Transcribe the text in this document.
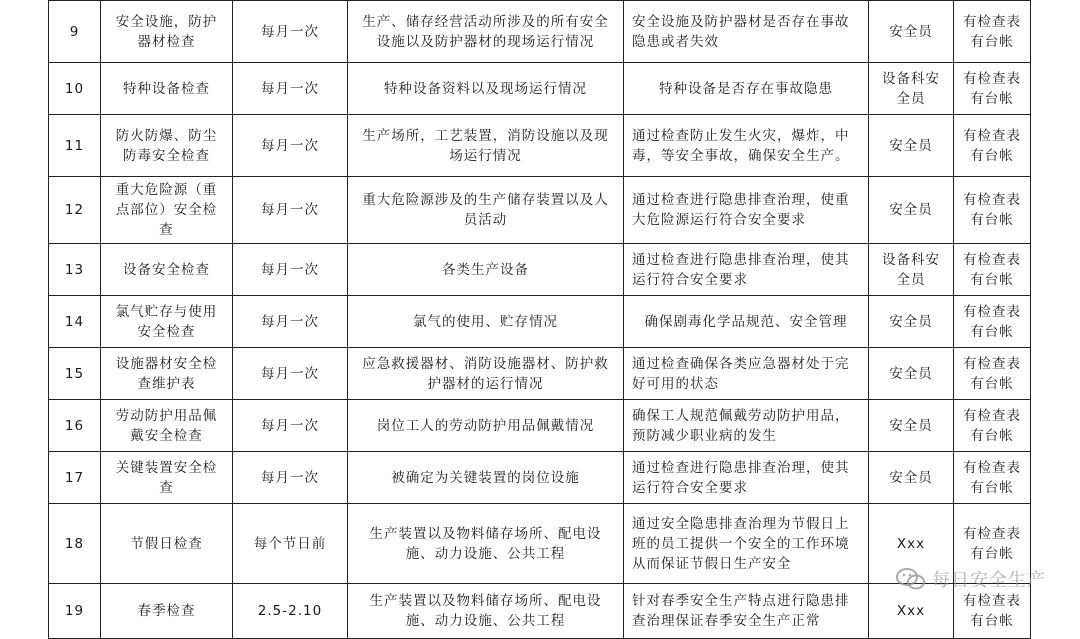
9	安全设施，防护器材检查	每月一次	生产、储存经营活动所涉及的所有安全设施以及防护器材的现场运行情况	安全设施及防护器材是否存在事故隐患或者失效	安全员	有检查表有台帐
10	特种设备检查	每月一次	特种设备资料以及现场运行情况	特种设备是否存在事故隐患	设备科安全员	有检查表有台帐
11	防火防爆、防尘防毒安全检查	每月一次	生产场所，工艺装置，消防设施以及现场运行情况	通过检查防止发生火灾，爆炸，中毒，等安全事故，确保安全生产。	安全员	有检查表有台帐
12	重大危险源（重点部位）安全检查	每月一次	重大危险源涉及的生产储存装置以及人员活动	通过检查进行隐患排查治理，使重大危险源运行符合安全要求	安全员	有检查表有台帐
13	设备安全检查	每月一次	各类生产设备	通过检查进行隐患排查治理，使其运行符合安全要求	设备科安全员	有检查表有台帐
14	氯气贮存与使用安全检查	每月一次	氯气的使用、贮存情况	确保剧毒化学品规范、安全管理	安全员	有检查表有台帐
15	设施器材安全检查维护表	每月一次	应急救援器材、消防设施器材、防护救护器材的运行情况	通过检查确保各类应急器材处于完好可用的状态	安全员	有检查表有台帐
16	劳动防护用品佩戴安全检查	每月一次	岗位工人的劳动防护用品佩戴情况	确保工人规范佩戴劳动防护用品，预防减少职业病的发生	安全员	有检查表有台帐
17	关键装置安全检查	每月一次	被确定为关键装置的岗位设施	通过检查进行隐患排查治理，使其运行符合安全要求	安全员	有检查表有台帐
18	节假日检查	每个节日前	生产装置以及物料储存场所、配电设施、动力设施、公共工程	通过安全隐患排查治理为节假日上班的员工提供一个安全的工作环境从而保证节假日生产安全	Xxx	有检查表有台帐
19	春季检查	2.5-2.10	生产装置以及物料储存场所、配电设施、动力设施、公共工程	针对春季安全生产特点进行隐患排查治理保证春季安全生产正常	Xxx	有检查表有台帐
每日安全生产
